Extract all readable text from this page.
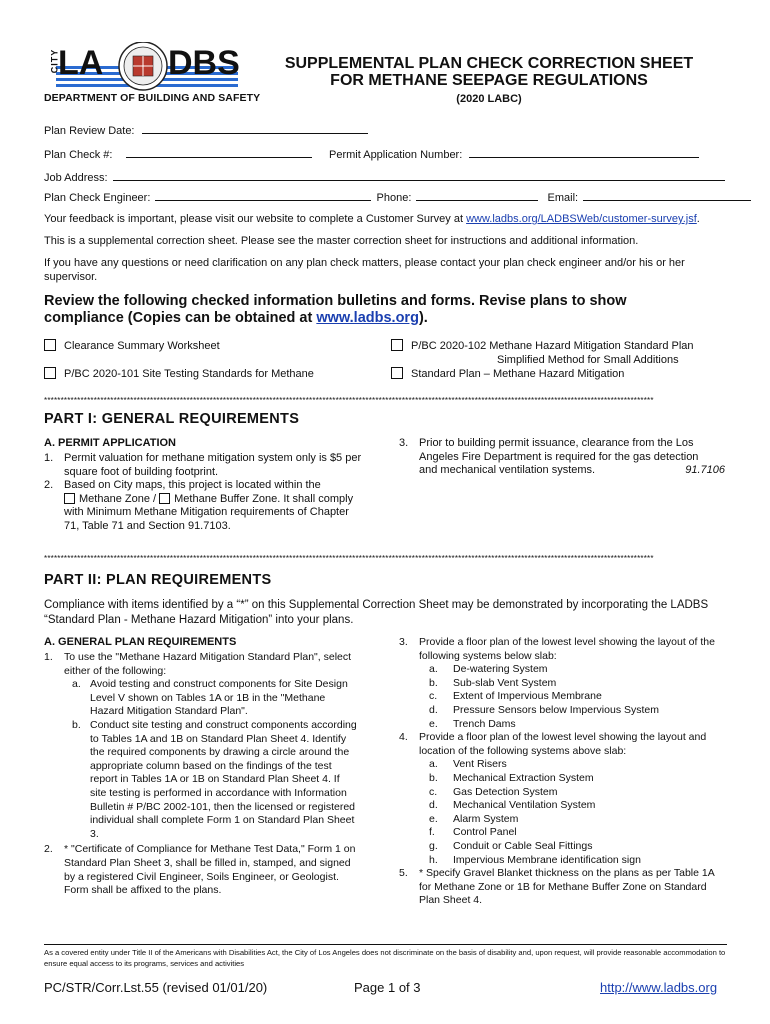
CITY
LA DBS
DEPARTMENT OF BUILDING AND SAFETY
SUPPLEMENTAL PLAN CHECK CORRECTION SHEET
FOR METHANE SEEPAGE REGULATIONS
(2020 LABC)
Plan Review Date:
Plan Check #:	Permit Application Number:
Job Address:
Plan Check Engineer:	Phone:	Email:
Your feedback is important, please visit our website to complete a Customer Survey at www.ladbs.org/LADBSWeb/customer-survey.jsf.
This is a supplemental correction sheet. Please see the master correction sheet for instructions and additional information.
If you have any questions or need clarification on any plan check matters, please contact your plan check engineer and/or his or her supervisor.
Review the following checked information bulletins and forms. Revise plans to show compliance (Copies can be obtained at www.ladbs.org).
Clearance Summary Worksheet
P/BC 2020-101 Site Testing Standards for Methane
P/BC 2020-102 Methane Hazard Mitigation Standard Plan
Simplified Method for Small Additions
Standard Plan – Methane Hazard Mitigation
****************************************************************************************************************************************************************************************
PART I: GENERAL REQUIREMENTS
A. PERMIT APPLICATION
1. Permit valuation for methane mitigation system only is $5 per square foot of building footprint.
2. Based on City maps, this project is located within the
Methane Zone / Methane Buffer Zone. It shall comply
with Minimum Methane Mitigation requirements of Chapter 71, Table 71 and Section 91.7103.
3. Prior to building permit issuance, clearance from the Los Angeles Fire Department is required for the gas detection and mechanical ventilation systems.	91.7106
****************************************************************************************************************************************************************************************
PART II: PLAN REQUIREMENTS
Compliance with items identified by a “*” on this Supplemental Correction Sheet may be demonstrated by incorporating the LADBS “Standard Plan - Methane Hazard Mitigation” into your plans.
A. GENERAL PLAN REQUIREMENTS
1. To use the "Methane Hazard Mitigation Standard Plan", select either of the following:
a. Avoid testing and construct components for Site Design Level V shown on Tables 1A or 1B in the "Methane Hazard Mitigation Standard Plan".
b. Conduct site testing and construct components according to Tables 1A and 1B on Standard Plan Sheet 4. Identify the required components by drawing a circle around the appropriate column based on the findings of the test report in Tables 1A or 1B on Standard Plan Sheet 4. If site testing is performed in accordance with Information Bulletin # P/BC 2002-101, then the licensed or registered individual shall complete Form 1 on Standard Plan Sheet 3.
2. * "Certificate of Compliance for Methane Test Data," Form 1 on Standard Plan Sheet 3, shall be filled in, stamped, and signed by a registered Civil Engineer, Soils Engineer, or Geologist. Form shall be affixed to the plans.
3. Provide a floor plan of the lowest level showing the layout of the following systems below slab:
a. De-watering System
b. Sub-slab Vent System
c. Extent of Impervious Membrane
d. Pressure Sensors below Impervious System
e. Trench Dams
4. Provide a floor plan of the lowest level showing the layout and location of the following systems above slab:
a. Vent Risers
b. Mechanical Extraction System
c. Gas Detection System
d. Mechanical Ventilation System
e. Alarm System
f. Control Panel
g. Conduit or Cable Seal Fittings
h. Impervious Membrane identification sign
5. * Specify Gravel Blanket thickness on the plans as per Table 1A for Methane Zone or 1B for Methane Buffer Zone on Standard Plan Sheet 4.
As a covered entity under Title II of the Americans with Disabilities Act, the City of Los Angeles does not discriminate on the basis of disability and, upon request, will provide reasonable accommodation to ensure equal access to its programs, services and activities
PC/STR/Corr.Lst.55 (revised 01/01/20)	Page 1 of 3	http://www.ladbs.org
